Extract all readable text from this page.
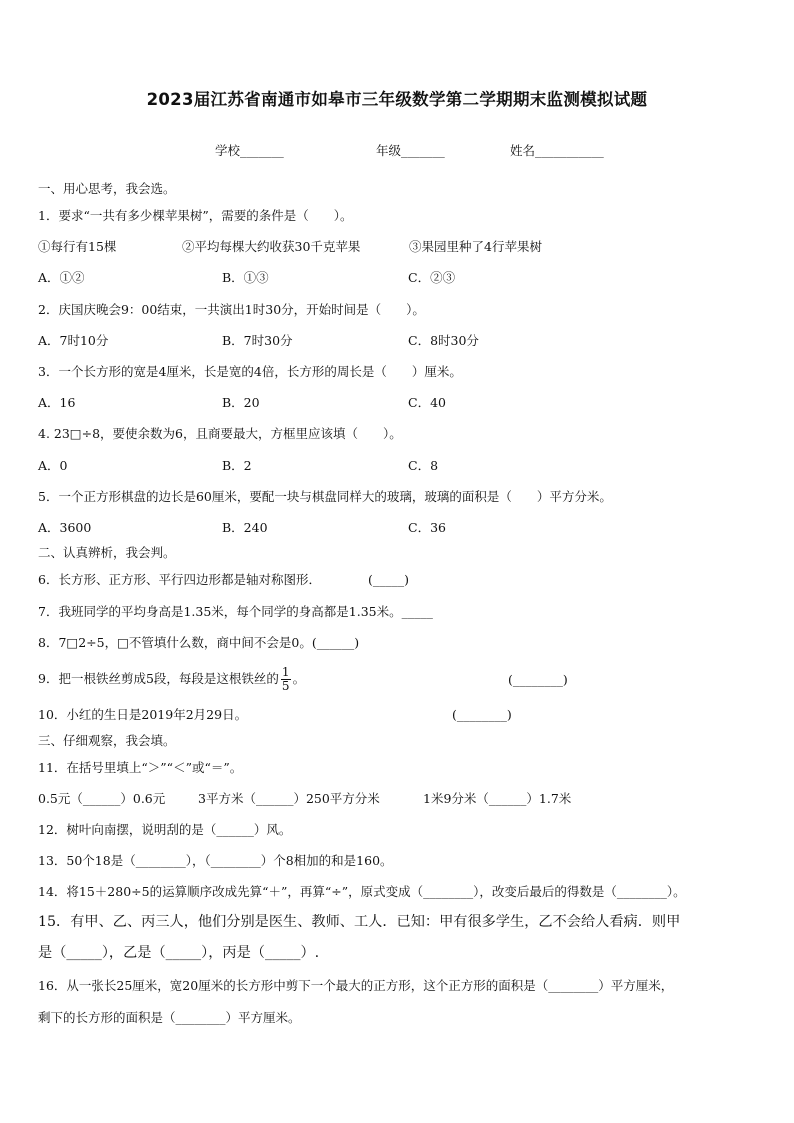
2023届江苏省南通市如皋市三年级数学第二学期期末监测模拟试题
学校_______	年级_______	姓名___________
一、用心思考，我会选。
1．要求“一共有多少棵苹果树”，需要的条件是（　　）。
①每行有15棵	②平均每棵大约收获30千克苹果	③果园里种了4行苹果树
A．①②	B．①③	C．②③
2．庆国庆晚会9：00结束，一共演出1时30分，开始时间是（　　）。
A．7时10分	B．7时30分	C．8时30分
3．一个长方形的宽是4厘米，长是宽的4倍，长方形的周长是（　　）厘米。
A．16	B．20	C．40
4. 23□÷8，要使余数为6，且商要最大，方框里应该填（　　）。
A．0	B．2	C．8
5．一个正方形棋盘的边长是60厘米，要配一块与棋盘同样大的玻璃，玻璃的面积是（　　）平方分米。
A．3600	B．240	C．36
二、认真辨析，我会判。
6．长方形、正方形、平行四边形都是轴对称图形．	(_____)
7．我班同学的平均身高是1.35米，每个同学的身高都是1.35米。_____
8．7□2÷5，□不管填什么数，商中间不会是0。(______)
9．把一根铁丝剪成5段，每段是这根铁丝的 $\frac{1}{5}$ 。	(________)
10．小红的生日是2019年2月29日。	(________)
三、仔细观察，我会填。
11．在括号里填上“＞”“＜”或“＝”。
0.5元（______）0.6元	3平方米（______）250平方分米	1米9分米（______）1.7米
12．树叶向南摆，说明刮的是（______）风。
13．50个18是（________），（________）个8相加的和是160。
14．将15＋280÷5的运算顺序改成先算“＋”，再算“÷”，原式变成（________），改变后最后的得数是（________）。
15．有甲、乙、丙三人，他们分别是医生、教师、工人．已知：甲有很多学生，乙不会给人看病．则甲
是（_____），乙是（_____），丙是（_____）.
16．从一张长25厘米，宽20厘米的长方形中剪下一个最大的正方形，这个正方形的面积是（________）平方厘米，
剩下的长方形的面积是（________）平方厘米。
